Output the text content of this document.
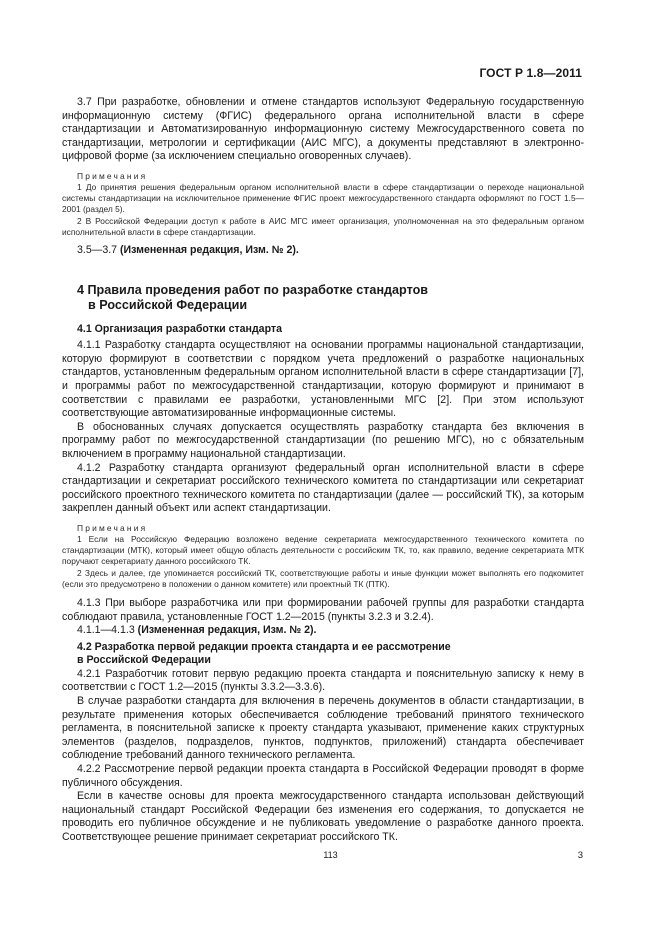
ГОСТ Р 1.8—2011

3.7 При разработке, обновлении и отмене стандартов используют Федеральную государственную информационную систему (ФГИС) федерального органа исполнительной власти в сфере стандартизации и Автоматизированную информационную систему Межгосударственного совета по стандартизации, метрологии и сертификации (АИС МГС), а документы представляют в электронно-цифровой форме (за исключением специально оговоренных случаев).

Примечания

1 До принятия решения федеральным органом исполнительной власти в сфере стандартизации о переходе национальной системы стандартизации на исключительное применение ФГИС проект межгосударственного стандарта оформляют по ГОСТ 1.5—2001 (раздел 5).

2 В Российской Федерации доступ к работе в АИС МГС имеет организация, уполномоченная на это федеральным органом исполнительной власти в сфере стандартизации.

3.5—3.7 (Измененная редакция, Изм. № 2).

4 Правила проведения работ по разработке стандартов
в Российской Федерации
4.1 Организация разработки стандарта

4.1.1 Разработку стандарта осуществляют на основании программы национальной стандартизации, которую формируют в соответствии с порядком учета предложений о разработке национальных стандартов, установленным федеральным органом исполнительной власти в сфере стандартизации [7], и программы работ по межгосударственной стандартизации, которую формируют и принимают в соответствии с правилами ее разработки, установленными МГС [2]. При этом используют соответствующие автоматизированные информационные системы.

В обоснованных случаях допускается осуществлять разработку стандарта без включения в программу работ по межгосударственной стандартизации (по решению МГС), но с обязательным включением в программу национальной стандартизации.

4.1.2 Разработку стандарта организуют федеральный орган исполнительной власти в сфере стандартизации и секретариат российского технического комитета по стандартизации или секретариат российского проектного технического комитета по стандартизации (далее — российский ТК), за которым закреплен данный объект или аспект стандартизации.

Примечания

1 Если на Российскую Федерацию возложено ведение секретариата межгосударственного технического комитета по стандартизации (МТК), который имеет общую область деятельности с российским ТК, то, как правило, ведение секретариата МТК поручают секретариату данного российского ТК.

2 Здесь и далее, где упоминается российский ТК, соответствующие работы и иные функции может выполнять его подкомитет (если это предусмотрено в положении о данном комитете) или проектный ТК (ПТК).

4.1.3 При выборе разработчика или при формировании рабочей группы для разработки стандарта соблюдают правила, установленные ГОСТ 1.2—2015 (пункты 3.2.3 и 3.2.4).

4.1.1—4.1.3 (Измененная редакция, Изм. № 2).

4.2 Разработка первой редакции проекта стандарта и ее рассмотрение
в Российской Федерации

4.2.1 Разработчик готовит первую редакцию проекта стандарта и пояснительную записку к нему в соответствии с ГОСТ 1.2—2015 (пункты 3.3.2—3.3.6).

В случае разработки стандарта для включения в перечень документов в области стандартизации, в результате применения которых обеспечивается соблюдение требований принятого технического регламента, в пояснительной записке к проекту стандарта указывают, применение каких структурных элементов (разделов, подразделов, пунктов, подпунктов, приложений) стандарта обеспечивает соблюдение требований данного технического регламента.

4.2.2 Рассмотрение первой редакции проекта стандарта в Российской Федерации проводят в форме публичного обсуждения.

Если в качестве основы для проекта межгосударственного стандарта использован действующий национальный стандарт Российской Федерации без изменения его содержания, то допускается не проводить его публичное обсуждение и не публиковать уведомление о разработке данного проекта. Соответствующее решение принимает секретариат российского ТК.

113	3
